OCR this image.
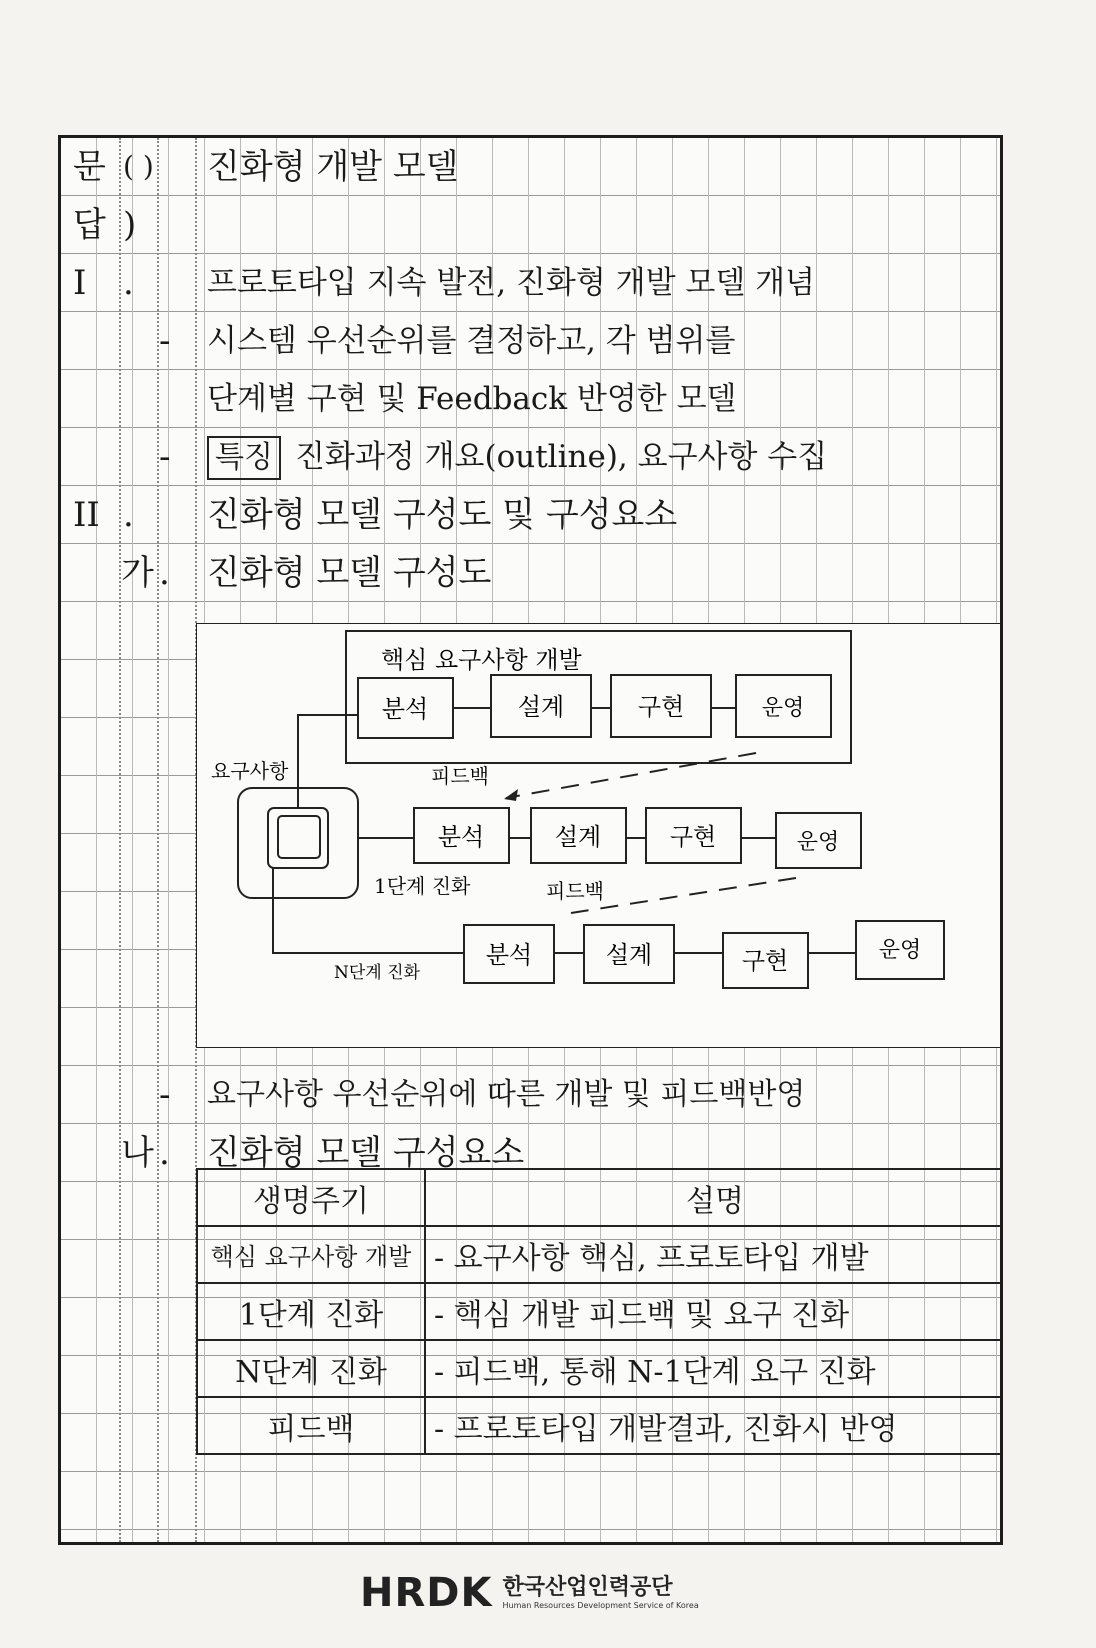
문 ( ) 진화형 개발 모델
답 )
I . 프로토타입 지속 발전, 진화형 개발 모델 개념
- 시스템 우선순위를 결정하고, 각 범위를
단계별 구현 및 Feedback 반영한 모델
- 특징 진화과정 개요(outline), 요구사항 수집
II . 진화형 모델 구성도 및 구성요소
가 . 진화형 모델 구성도
핵심 요구사항 개발
분석	설계	구현	운영
요구사항	피드백
분석	설계	구현	운영
1단계 진화	피드백
분석	설계	구현	운영
N단계 진화
- 요구사항 우선순위에 따른 개발 및 피드백반영
나 . 진화형 모델 구성요소
생명주기	설명
핵심 요구사항 개발	- 요구사항 핵심, 프로토타입 개발
1단계 진화	- 핵심 개발 피드백 및 요구 진화
N단계 진화	- 피드백, 통해 N-1단계 요구 진화
피드백	- 프로토타입 개발결과, 진화시 반영
HRDK 한국산업인력공단
Human Resources Development Service of Korea
